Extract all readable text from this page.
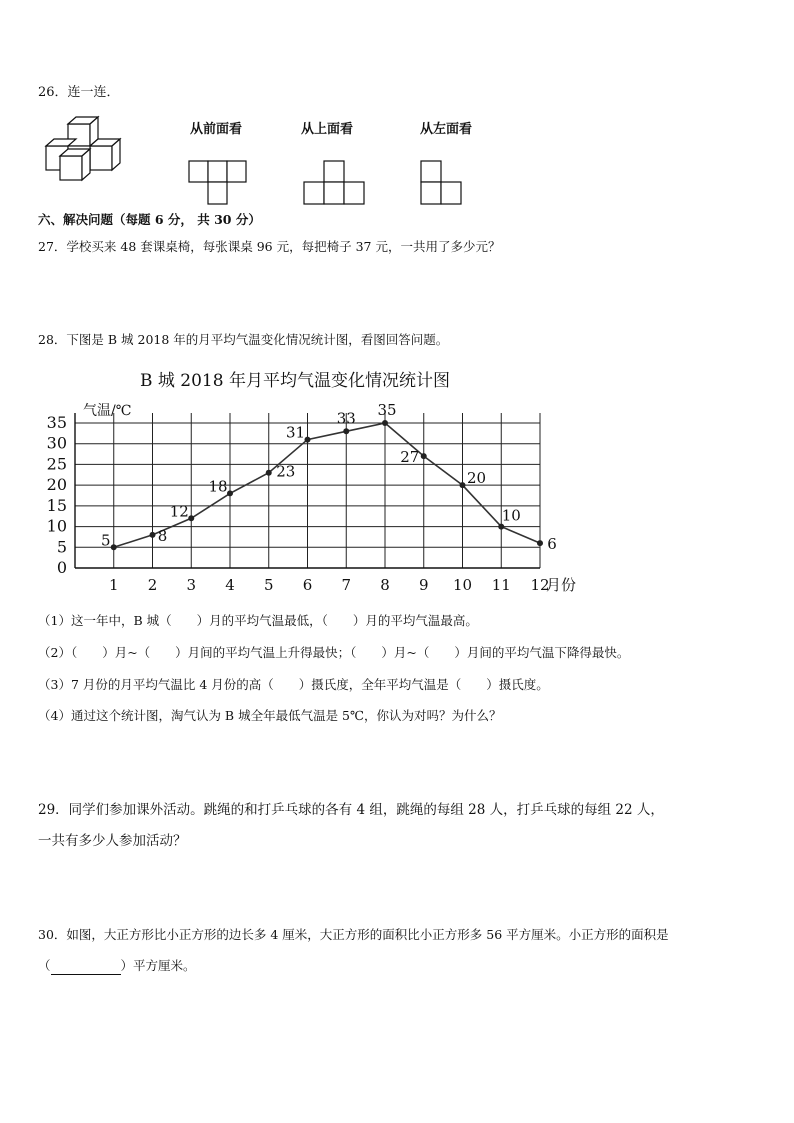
26．连一连．
从前面看	从上面看	从左面看
六、解决问题（每题 6 分， 共 30 分）
27．学校买来 48 套课桌椅，每张课桌 96 元，每把椅子 37 元，一共用了多少元？
28．下图是 B 城 2018 年的月平均气温变化情况统计图，看图回答问题。
B 城 2018 年月平均气温变化情况统计图
0
5
10
15
20
25
30
35
1 2 3 4 5 6 7 8 9 10 11 12
5	8
12
18
23
31
33 35
27
20
10
6
气温/℃
月份
（1）这一年中，B 城（　　）月的平均气温最低，（　　）月的平均气温最高。
（2）（　　）月~（　　）月间的平均气温上升得最快；（　　）月~（　　）月间的平均气温下降得最快。
（3）7 月份的月平均气温比 4 月份的高（　　）摄氏度，全年平均气温是（　　）摄氏度。
（4）通过这个统计图，淘气认为 B 城全年最低气温是 5℃，你认为对吗？为什么？
29．同学们参加课外活动。跳绳的和打乒乓球的各有 4 组，跳绳的每组 28 人，打乒乓球的每组 22 人，
一共有多少人参加活动？
30．如图，大正方形比小正方形的边长多 4 厘米，大正方形的面积比小正方形多 56 平方厘米。小正方形的面积是
（	）平方厘米。
